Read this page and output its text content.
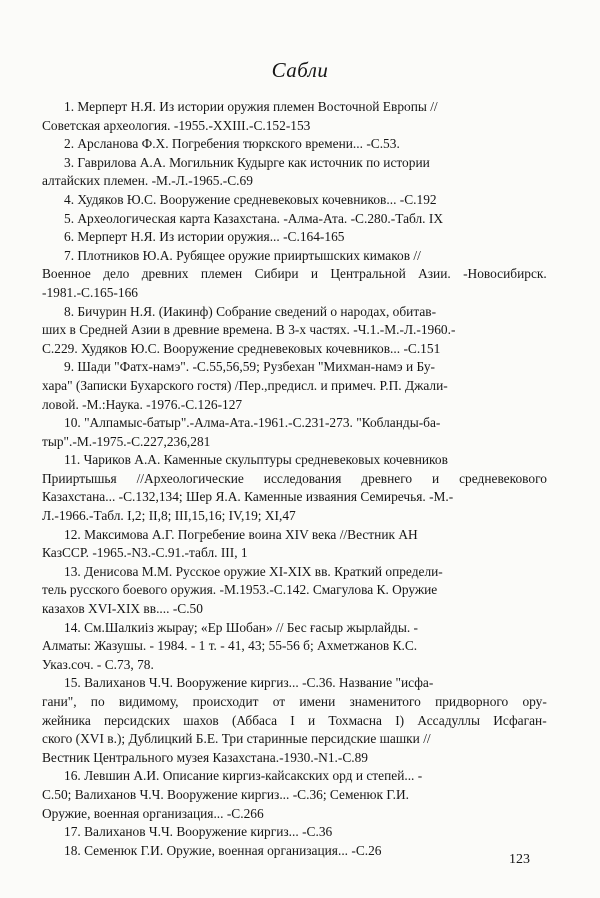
Сабли

1. Мерперт Н.Я. Из истории оружия племен Восточной Европы //
Советская археология. -1955.-XXIII.-С.152-153

2. Арсланова Ф.Х. Погребения тюркского времени... -С.53.

3. Гаврилова А.А. Могильник Кудырге как источник по истории
алтайских племен. -М.-Л.-1965.-С.69

4. Худяков Ю.С. Вооружение средневековых кочевников... -С.192

5. Археологическая карта Казахстана. -Алма-Ата. -С.280.-Табл. IX

6. Мерперт Н.Я. Из истории оружия... -С.164-165

7. Плотников Ю.А. Рубящее оружие прииртышских кимаков //
Военное дело древних племен Сибири и Центральной Азии. -Новосибирск.
-1981.-С.165-166

8. Бичурин Н.Я. (Иакинф) Собрание сведений о народах, обитав-
ших в Средней Азии в древние времена. В 3-х частях. -Ч.1.-М.-Л.-1960.-
С.229. Худяков Ю.С. Вооружение средневековых кочевников... -С.151

9. Шади "Фатх-намэ". -С.55,56,59; Рузбехан "Михман-намэ и Бу-
хара" (Записки Бухарского гостя) /Пер.,предисл. и примеч. Р.П. Джали-
ловой. -М.:Наука. -1976.-С.126-127

10. "Алпамыс-батыр".-Алма-Ата.-1961.-С.231-273. "Кобланды-ба-
тыр".-М.-1975.-С.227,236,281

11. Чариков А.А. Каменные скульптуры средневековых кочевников
Прииртышья //Археологические исследования древнего и средневекового
Казахстана... -С.132,134; Шер Я.А. Каменные изваяния Семиречья. -М.-
Л.-1966.-Табл. I,2; II,8; III,15,16; IV,19; XI,47

12. Максимова А.Г. Погребение воина XIV века //Вестник АН
КазССР. -1965.-N3.-С.91.-табл. III, 1

13. Денисова М.М. Русское оружие XI-XIX вв. Краткий определи-
тель русского боевого оружия. -М.1953.-С.142. Смагулова К. Оружие
казахов XVI-XIX вв.... -С.50

14. См.Шалкиіз жырау; «Ер Шобан» // Бес ғасыр жырлайды. -
Алматы: Жазушы. - 1984. - 1 т. - 41, 43; 55-56 б; Ахметжанов К.С.
Указ.соч. - С.73, 78.

15. Валиханов Ч.Ч. Вооружение киргиз... -С.36. Название "исфа-
гани", по видимому, происходит от имени знаменитого придворного ору-
жейника персидских шахов (Аббаса I и Тохмасна I) Ассадуллы Исфаган-
ского (XVI в.); Дублицкий Б.Е. Три старинные персидские шашки //
Вестник Центрального музея Казахстана.-1930.-N1.-С.89

16. Левшин А.И. Описание киргиз-кайсакских орд и степей... -
С.50; Валиханов Ч.Ч. Вооружение киргиз... -С.36; Семенюк Г.И.
Оружие, военная организация... -С.266

17. Валиханов Ч.Ч. Вооружение киргиз... -С.36

18. Семенюк Г.И. Оружие, военная организация... -С.26

123
